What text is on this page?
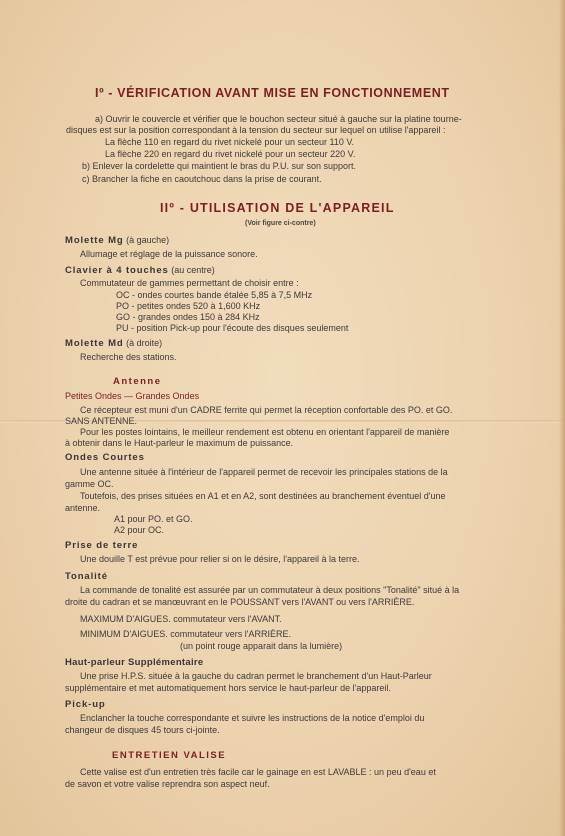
Iº - VÉRIFICATION AVANT MISE EN FONCTIONNEMENT
a) Ouvrir le couvercle et vérifier que le bouchon secteur situé à gauche sur la platine tourne-
disques est sur la position correspondant à la tension du secteur sur lequel on utilise l'appareil :
La flèche 110 en regard du rivet nickelé pour un secteur 110 V.
La flèche 220 en regard du rivet nickelé pour un secteur 220 V.
b) Enlever la cordelette qui maintient le bras du P.U. sur son support.
c) Brancher la fiche en caoutchouc dans la prise de courant.
IIº - UTILISATION DE L'APPAREIL
(Voir figure ci-contre)
Molette Mg (à gauche)
Allumage et réglage de la puissance sonore.
Clavier à 4 touches (au centre)
Commutateur de gammes permettant de choisir entre :
OC - ondes courtes bande étalée 5,85 à 7,5 MHz
PO - petites ondes 520 à 1,600 KHz
GO - grandes ondes 150 à 284 KHz
PU - position Pick-up pour l'écoute des disques seulement
Molette Md (à droite)
Recherche des stations.
Antenne
Petites Ondes — Grandes Ondes
Ce récepteur est muni d'un CADRE ferrite qui permet la réception confortable des PO. et GO.
SANS ANTENNE.
Pour les postes lointains, le meilleur rendement est obtenu en orientant l'appareil de manière
à obtenir dans le Haut-parleur le maximum de puissance.
Ondes Courtes
Une antenne située à l'intérieur de l'appareil permet de recevoir les principales stations de la
gamme OC.
Toutefois, des prises situées en A1 et en A2, sont destinées au branchement éventuel d'une
antenne.
A1 pour PO. et GO.
A2 pour OC.
Prise de terre
Une douille T est prévue pour relier si on le désire, l'appareil à la terre.
Tonalité
La commande de tonalité est assurée par un commutateur à deux positions "Tonalité" situé à la
droite du cadran et se manœuvrant en le POUSSANT vers l'AVANT ou vers l'ARRIÈRE.
MAXIMUM D'AIGUES. commutateur vers l'AVANT.
MINIMUM D'AIGUES. commutateur vers l'ARRIÈRE.
(un point rouge apparait dans la lumière)
Haut-parleur Supplémentaire
Une prise H.P.S. située à la gauche du cadran permet le branchement d'un Haut-Parleur
supplémentaire et met automatiquement hors service le haut-parleur de l'appareil.
Pick-up
Enclancher la touche correspondante et suivre les instructions de la notice d'emploi du
changeur de disques 45 tours ci-jointe.
ENTRETIEN VALISE
Cette valise est d'un entretien très facile car le gainage en est LAVABLE : un peu d'eau et
de savon et votre valise reprendra son aspect neuf.
